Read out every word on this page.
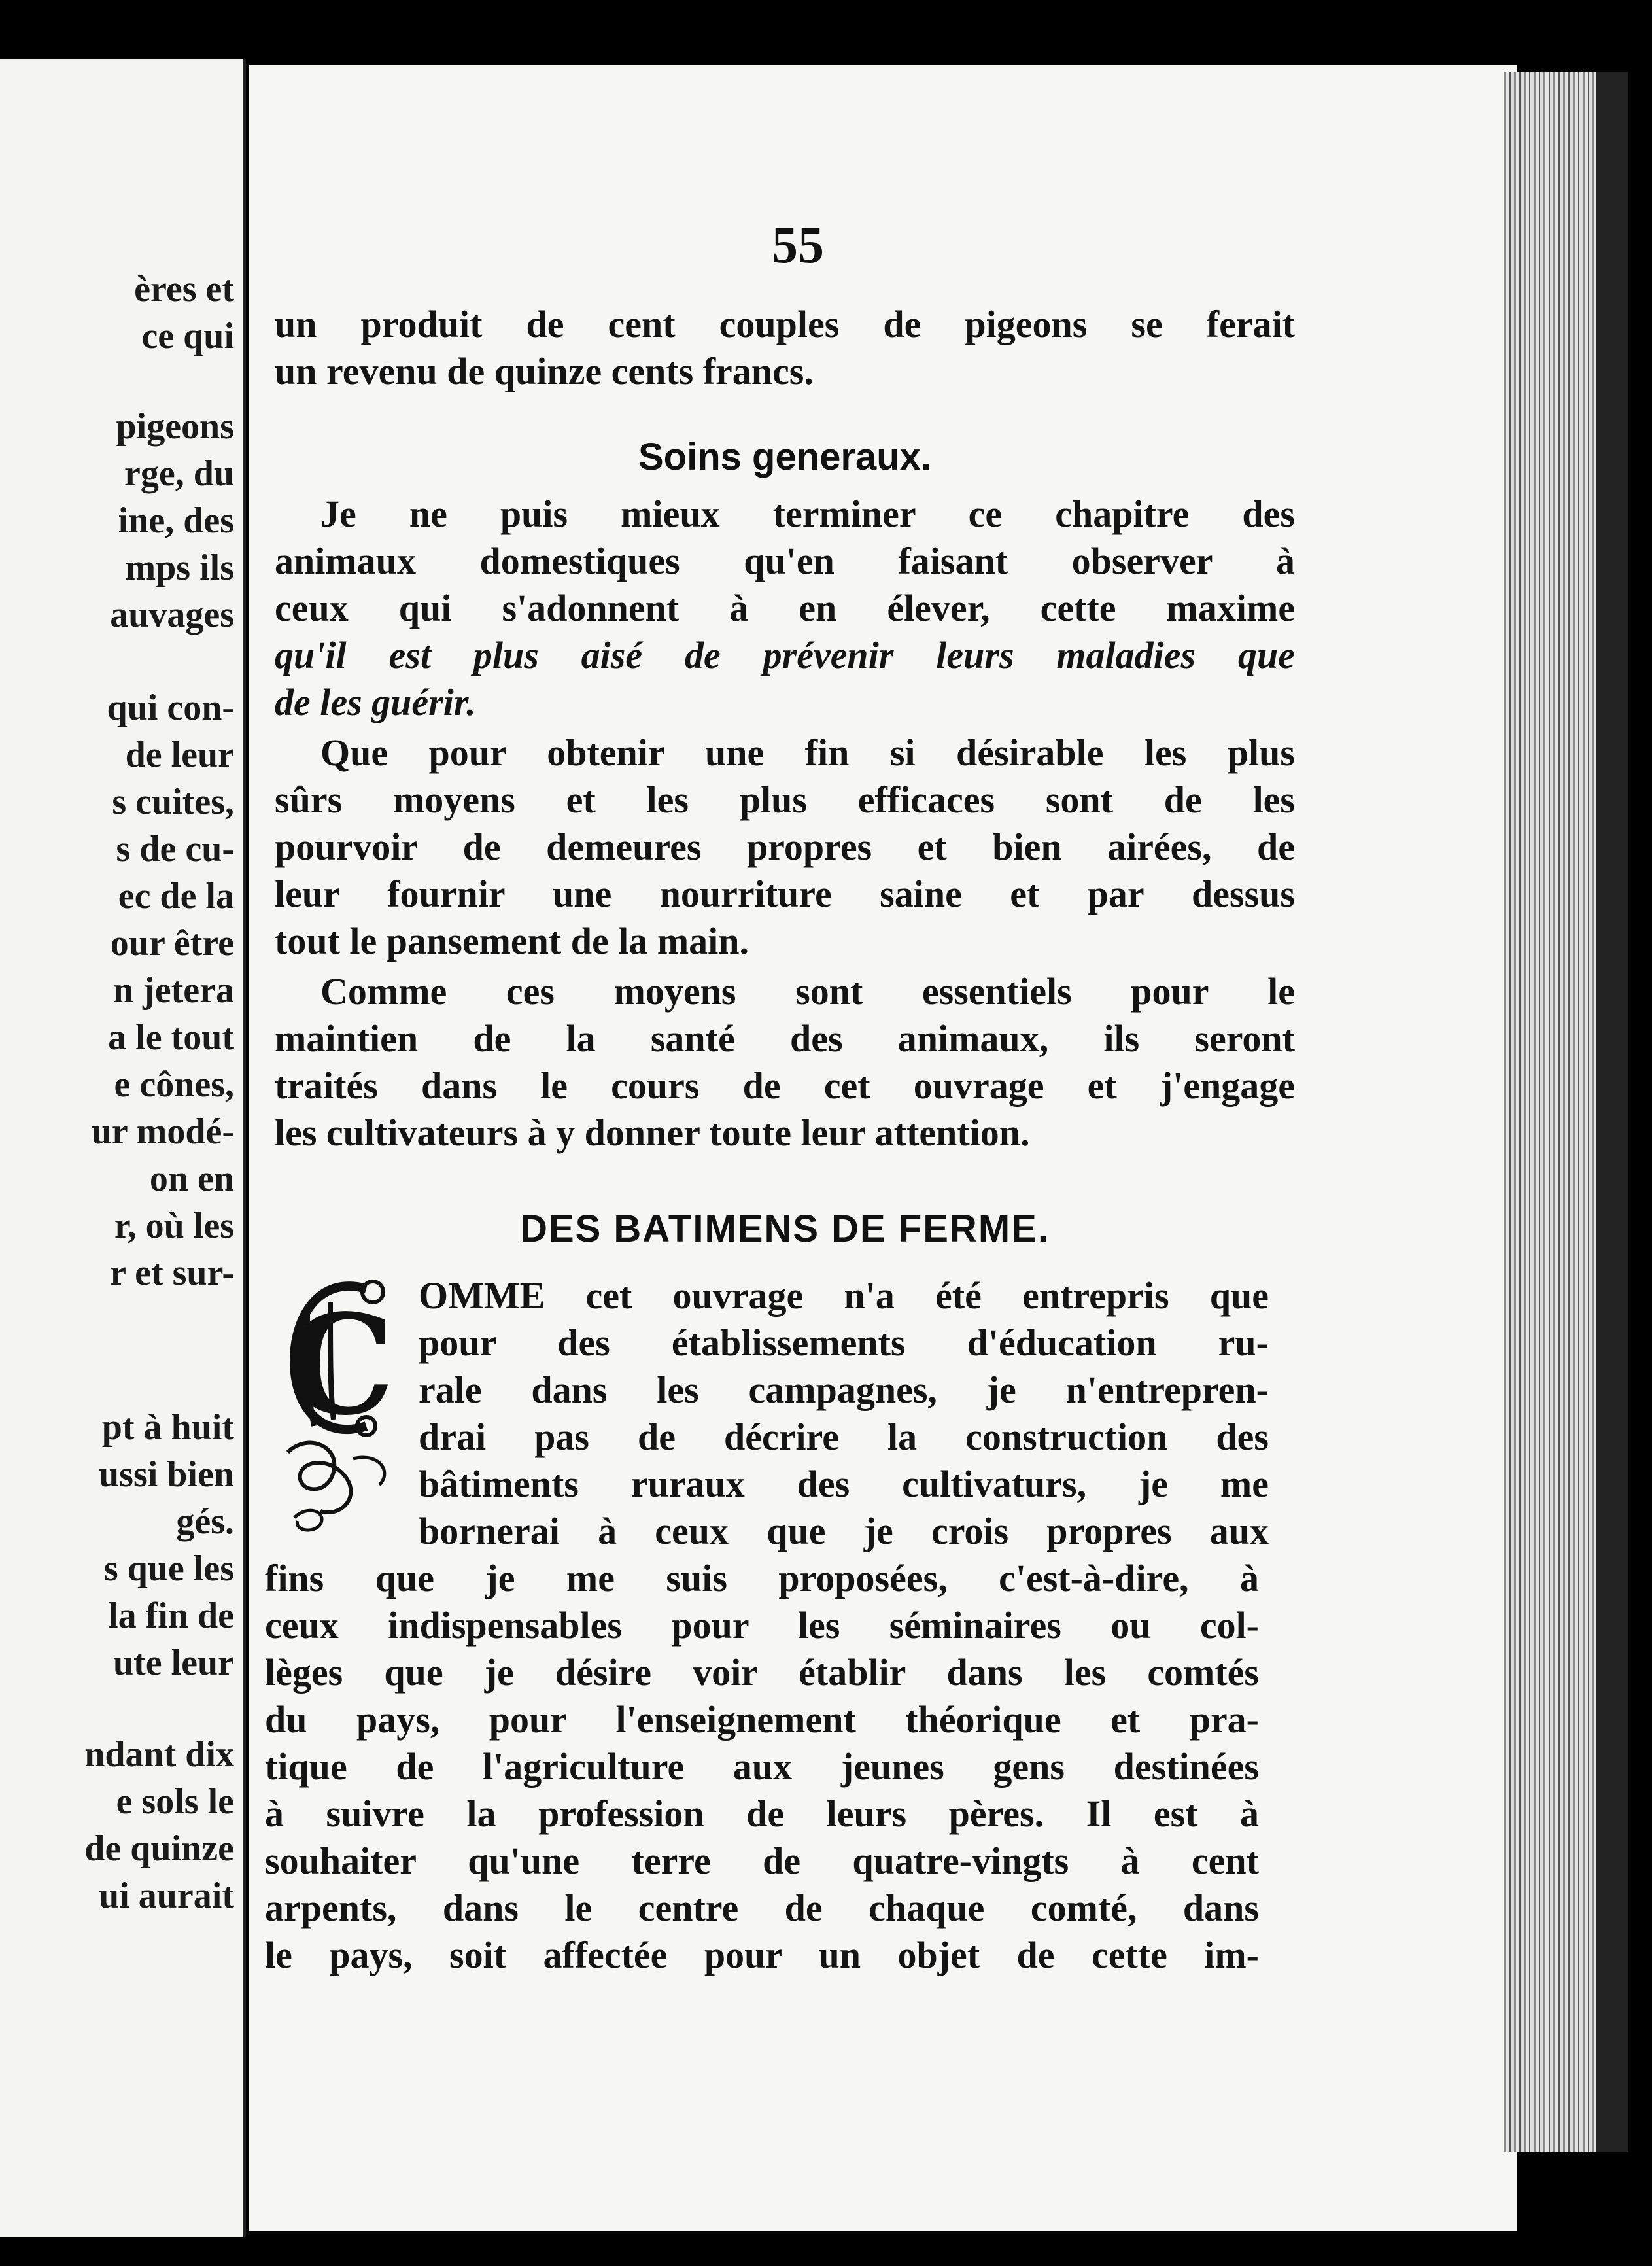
ères et
ce qui
pigeons
rge, du
ine, des
mps ils
auvages
qui con-
de leur
s cuites,
s de cu-
ec de la
our être
n jetera
a le tout
e cônes,
ur modé-
on en
r, où les
r et sur-
pt à huit
ussi bien
gés.
s que les
la fin de
ute leur
ndant dix
e sols le
de quinze
ui aurait
55
un produit de cent couples de pigeons se ferait
un revenu de quinze cents francs.
Soins generaux.
Je ne puis mieux terminer ce chapitre des
animaux domestiques qu'en faisant observer à
ceux qui s'adonnent à en élever, cette maxime
qu'il est plus aisé de prévenir leurs maladies que
de les guérir.
Que pour obtenir une fin si désirable les plus
sûrs moyens et les plus efficaces sont de les
pourvoir de demeures propres et bien airées, de
leur fournir une nourriture saine et par dessus
tout le pansement de la main.
Comme ces moyens sont essentiels pour le
maintien de la santé des animaux, ils seront
traités dans le cours de cet ouvrage et j'engage
les cultivateurs à y donner toute leur attention.
DES BATIMENS DE FERME.
C OMME cet ouvrage n'a été entrepris que
pour des établissements d'éducation ru-
rale dans les campagnes, je n'entrepren-
drai pas de décrire la construction des
bâtiments ruraux des cultivaturs, je me
bornerai à ceux que je crois propres aux
fins que je me suis proposées, c'est-à-dire, à
ceux indispensables pour les séminaires ou col-
lèges que je désire voir établir dans les comtés
du pays, pour l'enseignement théorique et pra-
tique de l'agriculture aux jeunes gens destinées
à suivre la profession de leurs pères. Il est à
souhaiter qu'une terre de quatre-vingts à cent
arpents, dans le centre de chaque comté, dans
le pays, soit affectée pour un objet de cette im-
